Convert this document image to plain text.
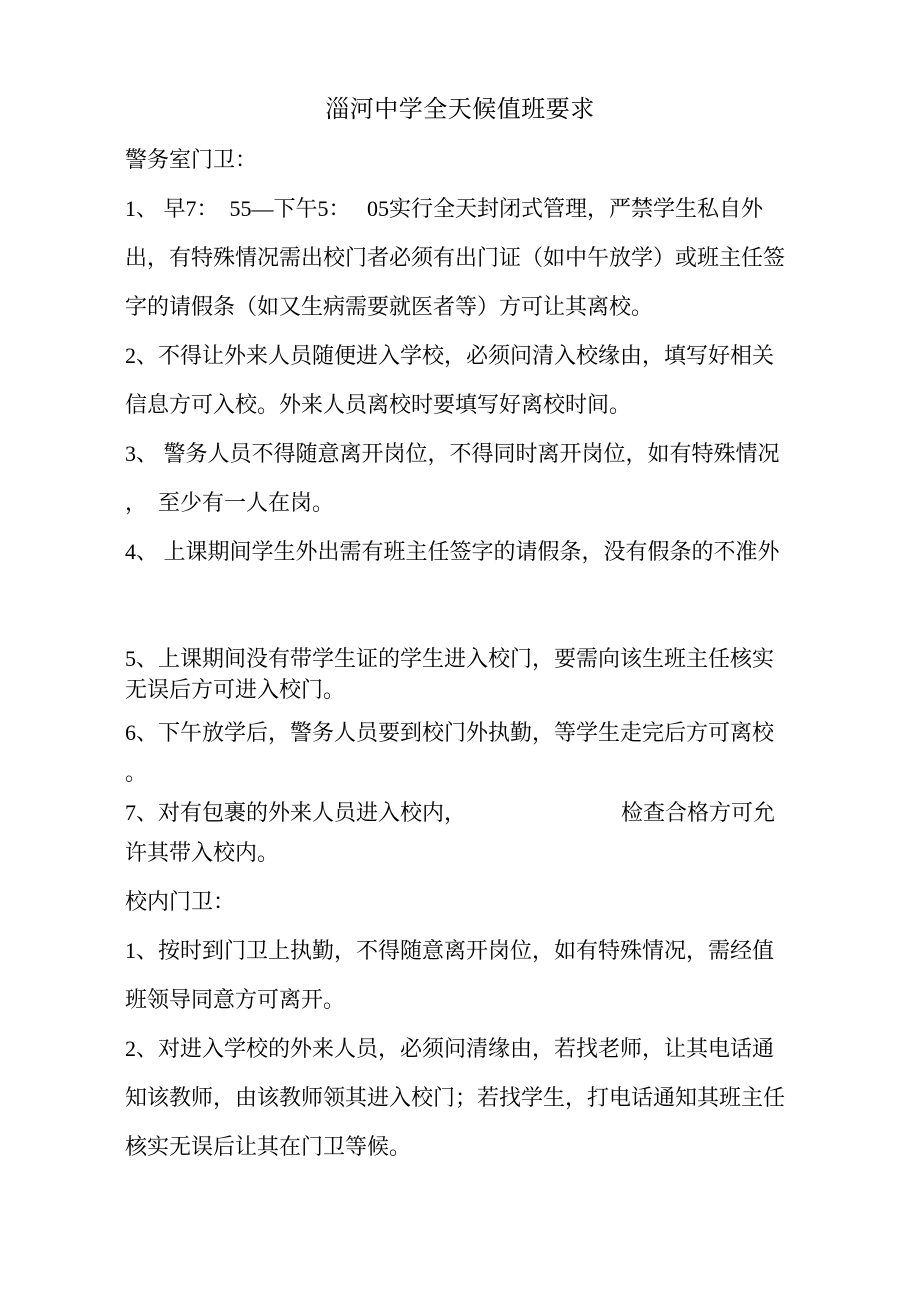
淄河中学全天候值班要求
警务室门卫：
1、 早7：　55—下午5：　 05实行全天封闭式管理，严禁学生私自外
出，有特殊情况需出校门者必须有出门证（如中午放学）或班主任签
字的请假条（如又生病需要就医者等）方可让其离校。
2、不得让外来人员随便进入学校，必须问清入校缘由，填写好相关
信息方可入校。外来人员离校时要填写好离校时间。
3、 警务人员不得随意离开岗位，不得同时离开岗位，如有特殊情况
，　至少有一人在岗。
4、 上课期间学生外出需有班主任签字的请假条，没有假条的不准外
5、上课期间没有带学生证的学生进入校门，要需向该生班主任核实
无误后方可进入校门。
6、下午放学后，警务人员要到校门外执勤，等学生走完后方可离校
。
7、对有包裹的外来人员进入校内，	检查合格方可允
许其带入校内。
校内门卫：
1、按时到门卫上执勤，不得随意离开岗位，如有特殊情况，需经值
班领导同意方可离开。
2、对进入学校的外来人员，必须问清缘由，若找老师，让其电话通
知该教师，由该教师领其进入校门；若找学生，打电话通知其班主任
核实无误后让其在门卫等候。
